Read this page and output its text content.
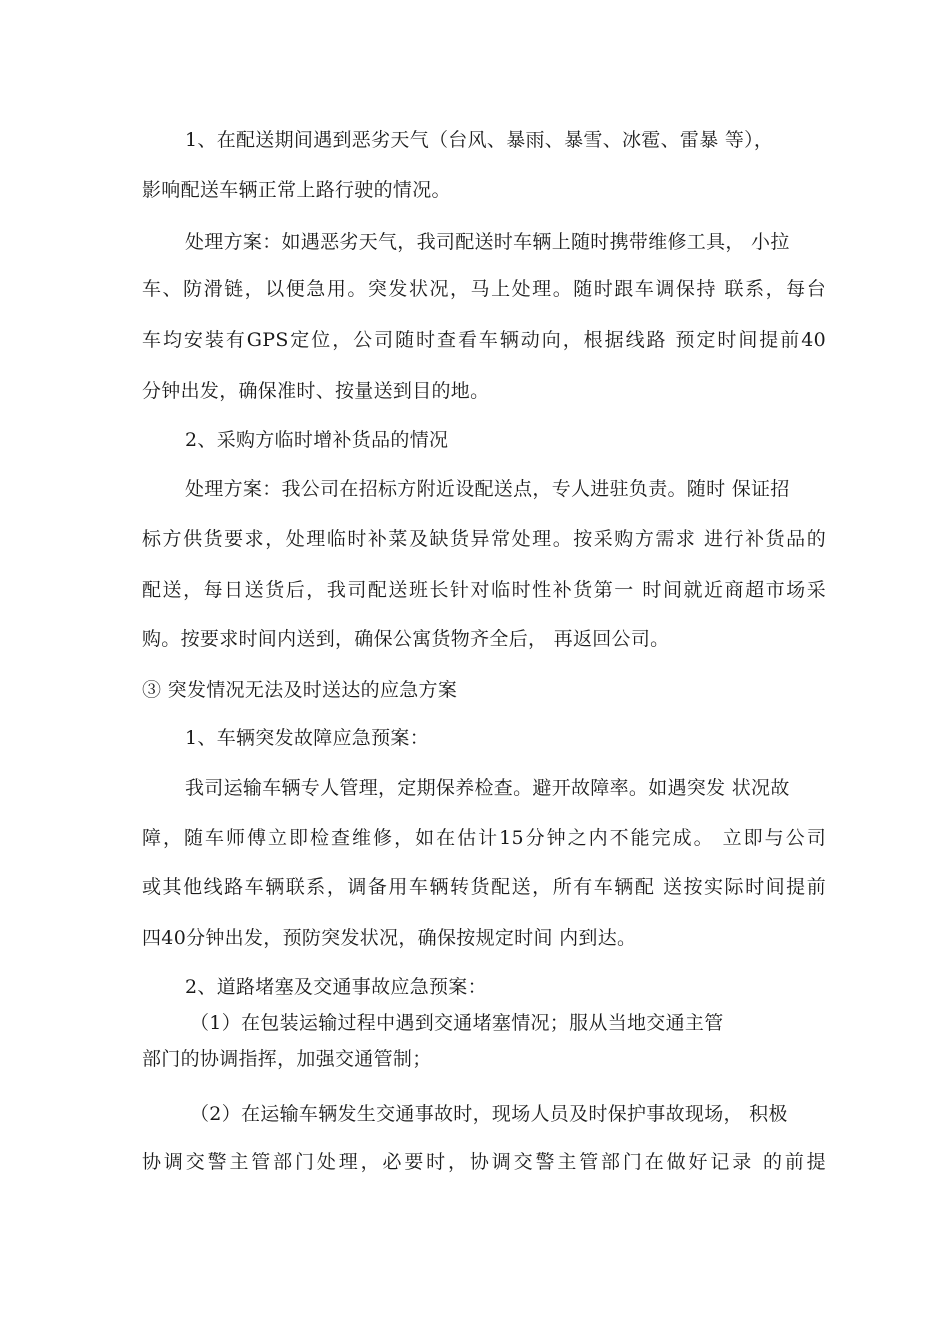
1、在配送期间遇到恶劣天气（台风、暴雨、暴雪、冰雹、雷暴 等），
影响配送车辆正常上路行驶的情况。
处理方案：如遇恶劣天气，我司配送时车辆上随时携带维修工具， 小拉
车、防滑链，以便急用。突发状况，马上处理。随时跟车调保持 联系，每台
车均安装有GPS定位，公司随时查看车辆动向，根据线路 预定时间提前40
分钟出发，确保准时、按量送到目的地。
2、采购方临时增补货品的情况
处理方案：我公司在招标方附近设配送点，专人进驻负责。随时 保证招
标方供货要求，处理临时补菜及缺货异常处理。按采购方需求 进行补货品的
配送，每日送货后，我司配送班长针对临时性补货第一 时间就近商超市场采
购。按要求时间内送到，确保公寓货物齐全后， 再返回公司。
③ 突发情况无法及时送达的应急方案
1、车辆突发故障应急预案：
我司运输车辆专人管理，定期保养检查。避开故障率。如遇突发 状况故
障，随车师傅立即检查维修，如在估计15分钟之内不能完成。 立即与公司
或其他线路车辆联系，调备用车辆转货配送，所有车辆配 送按实际时间提前
四40分钟出发，预防突发状况，确保按规定时间 内到达。
2、道路堵塞及交通事故应急预案：
（1）在包装运输过程中遇到交通堵塞情况；服从当地交通主管
部门的协调指挥，加强交通管制；
（2）在运输车辆发生交通事故时，现场人员及时保护事故现场， 积极
协调交警主管部门处理，必要时，协调交警主管部门在做好记录 的前提
